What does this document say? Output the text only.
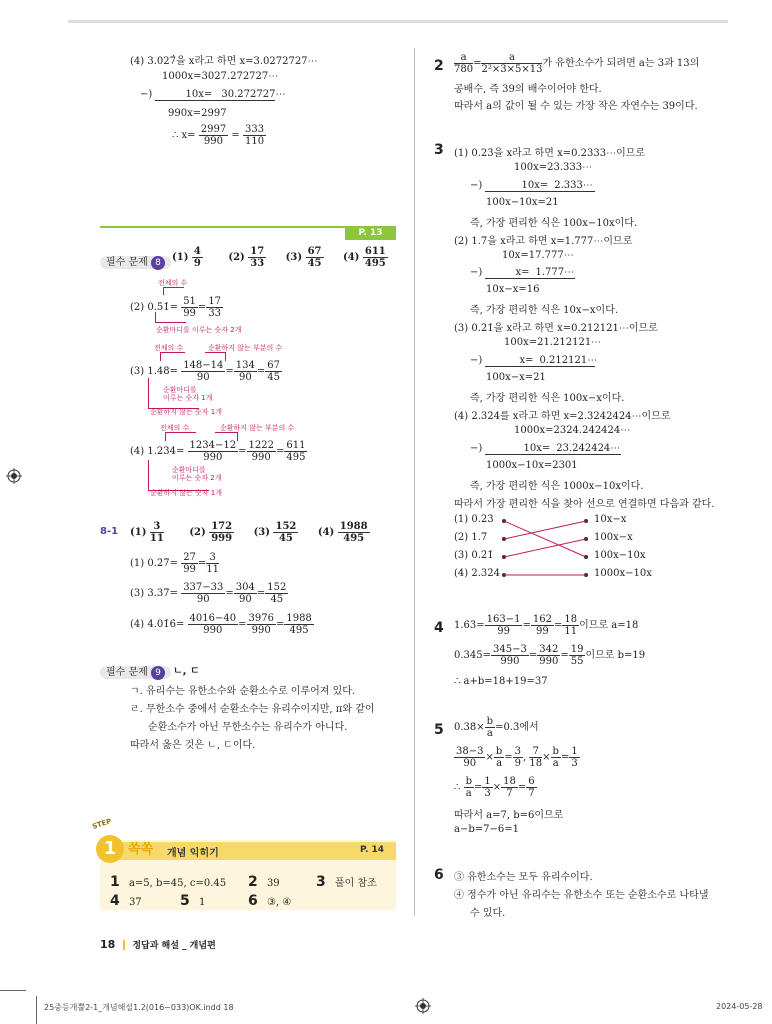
(4) 3.027̇̇을 x라고 하면 x=3.0272727⋯
1000x=3027.272727⋯
−)	10x= 30.272727⋯
990x=2997
∴ $x= \frac{2997}{990} = \frac{333}{110}$
P. 13
필수 문제 8	$(1) \frac{4}{9}$	$(2) \frac{17}{33} (3) \frac{67}{45} (4) \frac{611}{495}$
전체의 수
(2) 0.5̇1̇= $\frac{51}{99} = \frac{17}{33}$
순환마디를 이루는 숫자 2개
전체의 수	순환하지 않는 부분의 수
(3) 1.48̇= $\frac{148-14}{90} = \frac{134}{90} = \frac{67}{45}$
순환마디를
이루는 숫자 1개
순환하지 않는 숫자 1개
전체의 수	순환하지 않는 부분의 수
(4) 1.23̇4̇= $\frac{1234-12}{990} = \frac{1222}{990} = \frac{611}{495}$
순환마디를
이루는 숫자 2개
순환하지 않는 숫자 1개
8-1 $(1) \frac{3}{11}$	$(2) \frac{172}{999} (3) \frac{152}{45} (4) \frac{1988}{495}$
(1) 0.2̇7̇= $\frac{27}{99} = \frac{3}{11}$
(3) 3.37̇= $\frac{337-33}{90} = \frac{304}{90} = \frac{152}{45}$
(4) 4.01̇6̇= $\frac{4016-40}{990} = \frac{3976}{990} = \frac{1988}{495}$
필수 문제 9	ㄴ, ㄷ
ㄱ. 유리수는 유한소수와 순환소수로 이루어져 있다.
ㄹ. 무한소수 중에서 순환소수는 유리수이지만, π와 같이
순환소수가 아닌 무한소수는 유리수가 아니다.
따라서 옳은 것은 ㄴ, ㄷ이다.
STEP
1 쏙쏙 개념 익히기	P. 14
1 a=5, b=45, c=0.45 2 39	3 풀이 참조
4 37	5 1	6 ③, ④
18 정답과 해설 _ 개념편
$2 \frac{a}{780} = \frac{a}{\text{2²×3×5×13}}$ 가 유한소수가 되려면 a는 3과 13의
공배수, 즉 39의 배수이어야 한다.
따라서 a의 값이 될 수 있는 가장 작은 자연수는 39이다.
3 (1) 0.23̇을 x라고 하면 x=0.2333⋯이므로
100x=23.333⋯
−)	10x= 2.333⋯
100x−10x=21
즉, 가장 편리한 식은 100x−10x이다.
(2) 1.7̇을 x라고 하면 x=1.777⋯이므로
10x=17.777⋯
−)	x= 1.777⋯
10x−x=16
즉, 가장 편리한 식은 10x−x이다.
(3) 0.2̇1̇을 x라고 하면 x=0.212121⋯이므로
100x=21.212121⋯
−)	x= 0.212121⋯
100x−x=21
즉, 가장 편리한 식은 100x−x이다.
(4) 2.32̇4̇를 x라고 하면 x=2.3242424⋯이므로
1000x=2324.242424⋯
−)	10x= 23.242424⋯
1000x−10x=2301
즉, 가장 편리한 식은 1000x−10x이다.
따라서 가장 편리한 식을 찾아 선으로 연결하면 다음과 같다.
(1) 0.23̇
(2) 1.7̇
(3) 0.2̇1̇
(4) 2.32̇4̇
10x−x
100x−x
100x−10x
1000x−10x
4 1.6̇3̇= $\frac{163-1}{99} = \frac{162}{99} = \frac{18}{11}$ 이므로 a=18
0.34̇5̇= $\frac{345-3}{990} = \frac{342}{990} = \frac{19}{55}$ 이므로 b=19
∴ a+b=18+19=37
5 0.38̇× $\frac{b}{a}$ =0.3̇에서
$\frac{38-3}{90} \times \frac{b}{a} = \frac{3}{9}$ , $\frac{7}{18} \times \frac{b}{a} = \frac{1}{3}$
∴ $\frac{b}{a} = \frac{1}{3} \times \frac{18}{7} = \frac{6}{7}$
따라서 a=7, b=6이므로
a−b=7−6=1
6 ③ 유한소수는 모두 유리수이다.
④ 정수가 아닌 유리수는 유한소수 또는 순환소수로 나타낼
수 있다.
25중등개뿔2-1_개념해설1.2(016~033)OK.indd 18	2024-05-28
